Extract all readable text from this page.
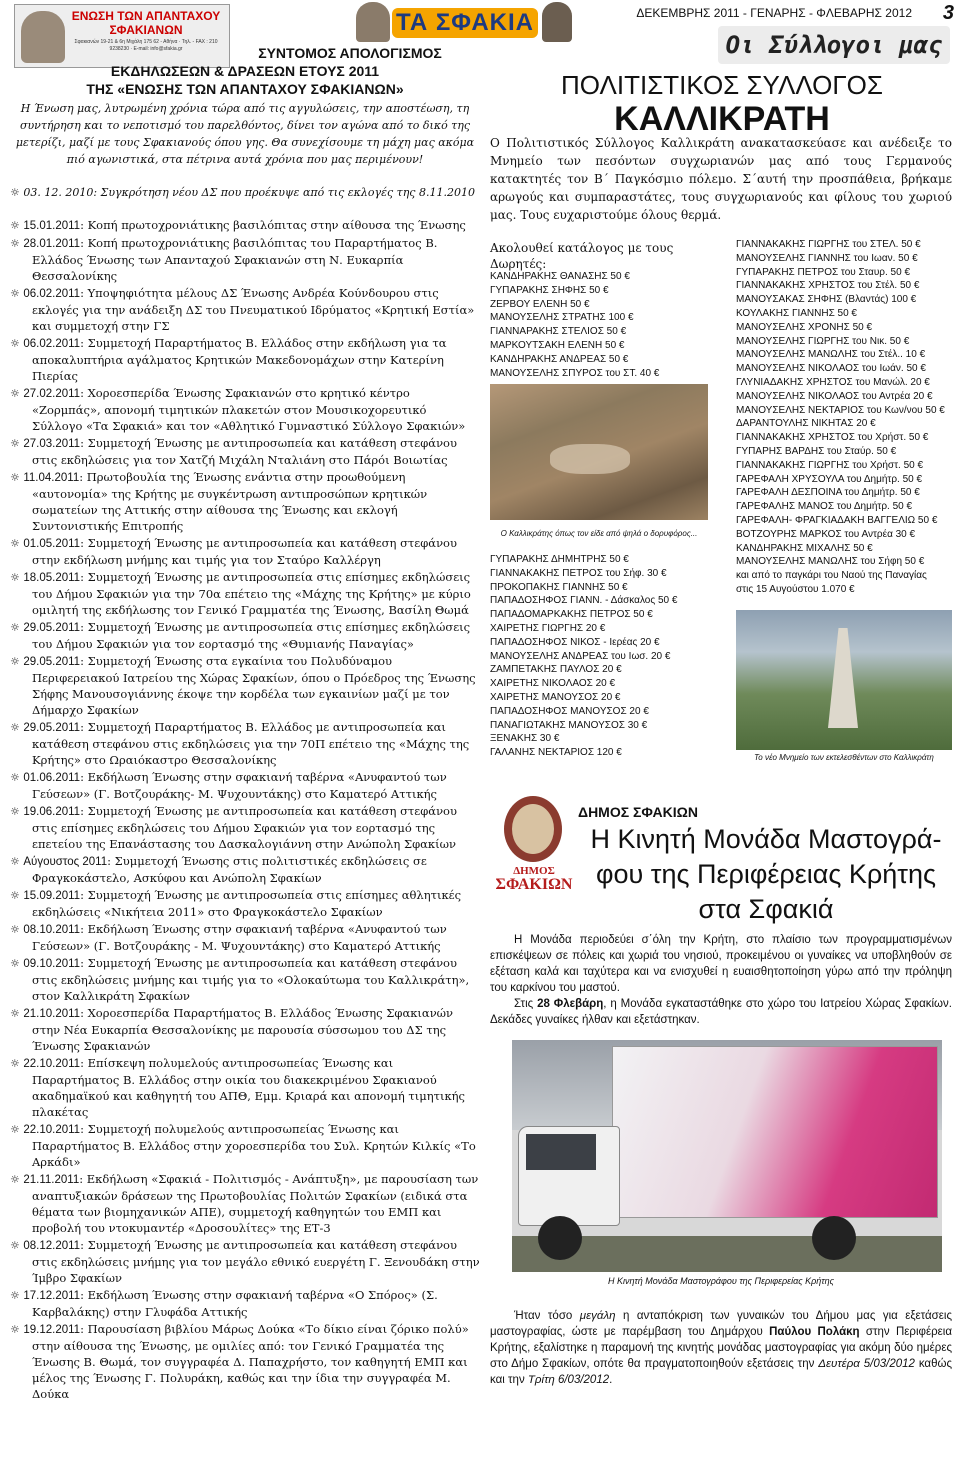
ΕΝΩΣΗ ΤΩΝ ΑΠΑΝΤΑΧΟΥ ΣΦΑΚΙΑΝΩΝ
Σφακιανών 19-21 & 6η Μιχάλη 175 62 - Αθήνα · Τηλ. - FAX : 210 9238230 · E-mail: info@sfakia.gr
ΤΑ ΣΦΑΚΙΑ	ΔΕΚΕΜΒΡΗΣ 2011 - ΓΕΝΑΡΗΣ - ΦΛΕΒΑΡΗΣ 2012 3
Οι Σύλλογοι μας
ΣΥΝΤΟΜΟΣ ΑΠΟΛΟΓΙΣΜΟΣ
ΕΚΔΗΛΩΣΕΩΝ & ΔΡΑΣΕΩΝ ΕΤΟΥΣ 2011
ΤΗΣ «ΕΝΩΣΗΣ ΤΩΝ ΑΠΑΝΤΑΧΟΥ ΣΦΑΚΙΑΝΩΝ»
Η Ένωση μας, λυτρωμένη χρόνια τώρα από τις αγγυλώσεις, την αποστέωση, τη συντήρηση και το νεποτισμό του παρελθόντος, δίνει τον αγώνα από το δικό της μετερίζι, μαζί με τους Σφακιανούς όπου γης. Θα συνεχίσουμε τη μάχη μας ακόμα πιό αγωνιστικά, στα πέτρινα αυτά χρόνια που μας περιμένουν!
☼ 03. 12. 2010: Συγκρότηση νέου ΔΣ που προέκυψε από τις εκλογές της 8.11.2010
☼ 15.01.2011: Κοπή πρωτοχρονιάτικης βασιλόπιτας στην αίθουσα της Ένωσης
☼ 28.01.2011: Κοπή πρωτοχρονιάτικης βασιλόπιτας του Παραρτήματος Β. Ελλάδος Ένωσης των Απανταχού Σφακιανών στη Ν. Ευκαρπία Θεσσαλονίκης
☼ 06.02.2011: Υποψηφιότητα μέλους ΔΣ Ένωσης Ανδρέα Κούνδουρου στις εκλογές για την ανάδειξη ΔΣ του Πνευματικού Ιδρύματος «Κρητική Εστία» και συμμετοχή στην ΓΣ
☼ 06.02.2011: Συμμετοχή Παραρτήματος Β. Ελλάδος στην εκδήλωση για τα αποκαλυπτήρια αγάλματος Κρητικών Μακεδονομάχων στην Κατερίνη Πιερίας
☼ 27.02.2011: Χοροεσπερίδα Ένωσης Σφακιανών στο κρητικό κέντρο «Ζορμπάς», απονομή τιμητικών πλακετών στον Μουσικοχορευτικό Σύλλογο «Τα Σφακιά» και τον «Αθλητικό Γυμναστικό Σύλλογο Σφακιών»
☼ 27.03.2011: Συμμετοχή Ένωσης με αντιπροσωπεία και κατάθεση στεφάνου στις εκδηλώσεις για τον Χατζή Μιχάλη Νταλιάνη στο Πάρόι Βοιωτίας
☼ 11.04.2011: Πρωτοβουλία της Ένωσης ενάντια στην προωθούμενη «αυτονομία» της Κρήτης με συγκέντρωση αντιπροσώπων κρητικών σωματείων της Αττικής στην αίθουσα της Ένωσης και εκλογή Συντονιστικής Επιτροπής
☼ 01.05.2011: Συμμετοχή Ένωσης με αντιπροσωπεία και κατάθεση στεφάνου στην εκδήλωση μνήμης και τιμής για τον Σταύρο Καλλέργη
☼ 18.05.2011: Συμμετοχή Ένωσης με αντιπροσωπεία στις επίσημες εκδηλώσεις του Δήμου Σφακιών για την 70α επέτειο της «Μάχης της Κρήτης» με κύριο ομιλητή της εκδήλωσης τον Γενικό Γραμματέα της Ένωσης, Βασίλη Θωμά
☼ 29.05.2011: Συμμετοχή Ένωσης με αντιπροσωπεία στις επίσημες εκδηλώσεις του Δήμου Σφακιών για τον εορτασμό της «Θυμιανής Παναγίας»
☼ 29.05.2011: Συμμετοχή Ένωσης στα εγκαίνια του Πολυδύναμου Περιφερειακού Ιατρείου της Χώρας Σφακίων, όπου ο Πρόεδρος της Ένωσης Σήφης Μανουσογιάννης έκοψε την κορδέλα των εγκαινίων μαζί με τον Δήμαρχο Σφακίων
☼ 29.05.2011: Συμμετοχή Παραρτήματος Β. Ελλάδος με αντιπροσωπεία και κατάθεση στεφάνου στις εκδηλώσεις για την 70Π επέτειο της «Μάχης της Κρήτης» στο Ωραιόκαστρο Θεσσαλονίκης
☼ 01.06.2011: Εκδήλωση Ένωσης στην σφακιανή ταβέρνα «Ανυφαντού των Γεύσεων» (Γ. Βοτζουράκης- Μ. Ψυχουντάκης) στο Καματερό Αττικής
☼ 19.06.2011: Συμμετοχή Ένωσης με αντιπροσωπεία και κατάθεση στεφάνου στις επίσημες εκδηλώσεις του Δήμου Σφακιών για τον εορτασμό της επετείου της Επανάστασης του Δασκαλογιάννη στην Ανώπολη Σφακίων
☼ Αύγουστος 2011: Συμμετοχή Ένωσης στις πολιτιστικές εκδηλώσεις σε Φραγκοκάστελο, Ασκύφου και Ανώπολη Σφακίων
☼ 15.09.2011: Συμμετοχή Ένωσης με αντιπροσωπεία στις επίσημες αθλητικές εκδηλώσεις «Νικήτεια 2011» στο Φραγκοκάστελο Σφακίων
☼ 08.10.2011: Εκδήλωση Ένωσης στην σφακιανή ταβέρνα «Ανυφαντού των Γεύσεων» (Γ. Βοτζουράκης - Μ. Ψυχουντάκης) στο Καματερό Αττικής
☼ 09.10.2011: Συμμετοχή Ένωσης με αντιπροσωπεία και κατάθεση στεφάνου στις εκδηλώσεις μνήμης και τιμής για το «Ολοκαύτωμα του Καλλικράτη», στον Καλλικράτη Σφακίων
☼ 21.10.2011: Χοροεσπερίδα Παραρτήματος Β. Ελλάδος Ένωσης Σφακιανών στην Νέα Ευκαρπία Θεσσαλονίκης με παρουσία σύσσωμου του ΔΣ της Ένωσης Σφακιανών
☼ 22.10.2011: Επίσκεψη πολυμελούς αντιπροσωπείας Ένωσης και Παραρτήματος Β. Ελλάδος στην οικία του διακεκριμένου Σφακιανού ακαδημαϊκού και καθηγητή του ΑΠΘ, Εμμ. Κριαρά και απονομή τιμητικής πλακέτας
☼ 22.10.2011: Συμμετοχή πολυμελούς αντιπροσωπείας Ένωσης και Παραρτήματος Β. Ελλάδος στην χοροεσπερίδα του Συλ. Κρητών Κιλκίς «Το Αρκάδι»
☼ 21.11.2011: Εκδήλωση «Σφακιά - Πολιτισμός - Ανάπτυξη», με παρουσίαση των αναπτυξιακών δράσεων της Πρωτοβουλίας Πολιτών Σφακίων (ειδικά στα θέματα των βιομηχανικών ΑΠΕ), συμμετοχή καθηγητών του ΕΜΠ και προβολή του ντοκυμαντέρ «Δροσουλίτες» της ΕΤ-3
☼ 08.12.2011: Συμμετοχή Ένωσης με αντιπροσωπεία και κατάθεση στεφάνου στις εκδηλώσεις μνήμης για τον μεγάλο εθνικό ευεργέτη Γ. Ξενουδάκη στην Ίμβρο Σφακίων
☼ 17.12.2011: Εκδήλωση Ένωσης στην σφακιανή ταβέρνα «Ο Σπόρος» (Σ. Καρβαλάκης) στην Γλυφάδα Αττικής
☼ 19.12.2011: Παρουσίαση βιβλίου Μάρως Δούκα «Το δίκιο είναι ζόρικο πολύ» στην αίθουσα της Ένωσης, με ομιλίες από: τον Γενικό Γραμματέα της Ένωσης Β. Θωμά, τον συγγραφέα Δ. Παπαχρήστο, τον καθηγητή ΕΜΠ και μέλος της Ένωσης Γ. Πολυράκη, καθώς και την ίδια την συγγραφέα Μ. Δούκα
ΠΟΛΙΤΙΣΤΙΚΟΣ ΣΥΛΛΟΓΟΣ
ΚΑΛΛΙΚΡΑΤΗ
Ο Πολιτιστικός Σύλλογος Καλλικράτη ανακατασκεύασε και ανέδειξε το Μνημείο των πεσόντων συγχωριανών μας από τους Γερμανούς κατακτητές τον Β΄ Παγκόσμιο πόλεμο. Σ΄αυτή την προσπάθεια, βρήκαμε αρωγούς και συμπαραστάτες, τους συγχωριανούς και φίλους του χωριού μας. Τους ευχαριστούμε όλους θερμά.
Ακολουθεί κατάλογος με τους Δωρητές:
ΚΑΝΔΗΡΑΚΗΣ ΘΑΝΑΣΗΣ 50 €
ΓΥΠΑΡΑΚΗΣ ΣΗΦΗΣ 50 €
ΖΕΡΒΟΥ ΕΛΕΝΗ 50 €
ΜΑΝΟΥΣΕΛΗΣ ΣΤΡΑΤΗΣ 100 €
ΓΙΑΝΝΑΡΑΚΗΣ ΣΤΕΛΙΟΣ 50 €
ΜΑΡΚΟΥΤΣΑΚΗ ΕΛΕΝΗ 50 €
ΚΑΝΔΗΡΑΚΗΣ ΑΝΔΡΕΑΣ 50 €
ΜΑΝΟΥΣΕΛΗΣ ΣΠΥΡΟΣ του ΣΤ. 40 €
Ο Καλλικράτης όπως τον είδε από ψηλά ο δορυφόρος...
ΓΥΠΑΡΑΚΗΣ ΔΗΜΗΤΡΗΣ 50 €
ΓΙΑΝΝΑΚΑΚΗΣ ΠΕΤΡΟΣ του Σήφ. 30 €
ΠΡΟΚΟΠΑΚΗΣ ΓΙΑΝΝΗΣ 50 €
ΠΑΠΑΔΟΣΗΦΟΣ ΓΙΑΝΝ. - Δάσκαλος 50 €
ΠΑΠΑΔΟΜΑΡΚΑΚΗΣ ΠΕΤΡΟΣ 50 €
ΧΑΙΡΕΤΗΣ ΓΙΩΡΓΗΣ 20 €
ΠΑΠΑΔΟΣΗΦΟΣ ΝΙΚΟΣ - Ιερέας 20 €
ΜΑΝΟΥΣΕΛΗΣ ΑΝΔΡΕΑΣ του Ιωσ. 20 €
ΖΑΜΠΕΤΑΚΗΣ ΠΑΥΛΟΣ 20 €
ΧΑΙΡΕΤΗΣ ΝΙΚΟΛΑΟΣ 20 €
ΧΑΙΡΕΤΗΣ ΜΑΝΟΥΣΟΣ 20 €
ΠΑΠΑΔΟΣΗΦΟΣ ΜΑΝΟΥΣΟΣ 20 €
ΠΑΝΑΓΙΩΤΑΚΗΣ ΜΑΝΟΥΣΟΣ 30 €
ΞΕΝΑΚΗΣ 30 €
ΓΑΛΑΝΗΣ ΝΕΚΤΑΡΙΟΣ 120 €
ΓΙΑΝΝΑΚΑΚΗΣ ΓΙΩΡΓΗΣ του ΣΤΕΛ. 50 €
ΜΑΝΟΥΣΕΛΗΣ ΓΙΑΝΝΗΣ του Ιωαν. 50 €
ΓΥΠΑΡΑΚΗΣ ΠΕΤΡΟΣ του Σταυρ. 50 €
ΓΙΑΝΝΑΚΑΚΗΣ ΧΡΗΣΤΟΣ του Στέλ. 50 €
ΜΑΝΟΥΣΑΚΑΣ ΣΗΦΗΣ (Βλαντάς) 100 €
ΚΟΥΛΑΚΗΣ ΓΙΑΝΝΗΣ 50 €
ΜΑΝΟΥΣΕΛΗΣ ΧΡΟΝΗΣ 50 €
ΜΑΝΟΥΣΕΛΗΣ ΓΙΩΡΓΗΣ του Νικ. 50 €
ΜΑΝΟΥΣΕΛΗΣ ΜΑΝΩΛΗΣ του Στέλ.. 10 €
ΜΑΝΟΥΣΕΛΗΣ ΝΙΚΟΛΑΟΣ του Ιωάν. 50 €
ΓΛΥΝΙΑΔΑΚΗΣ ΧΡΗΣΤΟΣ του Μανώλ. 20 €
ΜΑΝΟΥΣΕΛΗΣ ΝΙΚΟΛΑΟΣ του Αντρέα 20 €
ΜΑΝΟΥΣΕΛΗΣ ΝΕΚΤΑΡΙΟΣ του Κων/νου 50 €
ΔΑΡΑΝΤΟΥΛΗΣ ΝΙΚΗΤΑΣ 20 €
ΓΙΑΝΝΑΚΑΚΗΣ ΧΡΗΣΤΟΣ του Χρήστ. 50 €
ΓΥΠΑΡΗΣ ΒΑΡΔΗΣ του Σταύρ. 50 €
ΓΙΑΝΝΑΚΑΚΗΣ ΓΙΩΡΓΗΣ του Χρήστ. 50 €
ΓΑΡΕΦΑΛΗ ΧΡΥΣΟΥΛΑ του Δημήτρ. 50 €
ΓΑΡΕΦΑΛΗ ΔΕΣΠΟΙΝΑ του Δημήτρ. 50 €
ΓΑΡΕΦΑΛΗΣ ΜΑΝΟΣ του Δημήτρ. 50 €
ΓΑΡΕΦΑΛΗ- ΦΡΑΓΚΙΑΔΑΚΗ ΒΑΓΓΕΛΙΩ 50 €
ΒΟΤΖΟΥΡΗΣ ΜΑΡΚΟΣ του Αντρέα 30 €
ΚΑΝΔΗΡΑΚΗΣ ΜΙΧΑΛΗΣ 50 €
ΜΑΝΟΥΣΕΛΗΣ ΜΑΝΩΛΗΣ του Σήφη 50 €
και από το παγκάρι του Ναού της Παναγίας
στις 15 Αυγούστου 1.070 €
Το νέο Μνημείο των εκτελεσθέντων στο Καλλικράτη
ΔΗΜΟΣ
ΣΦΑΚΙΩΝ
ΔΗΜΟΣ ΣΦΑΚΙΩΝ
Η Κινητή Μονάδα Μαστογρά-
φου της Περιφέρειας Κρήτης
στα Σφακιά
Η Μονάδα περιοδεύει σ΄όλη την Κρήτη, στο πλαίσιο των προγραμματισμένων επισκέψεων σε πόλεις και χωριά του νησιού, προκειμένου οι γυναίκες να υποβληθούν σε εξέταση καλά και ταχύτερα και να ενισχυθεί η ευαισθητοποίηση γύρω από την πρόληψη του καρκίνου του μαστού.
Στις 28 Φλεβάρη, η Μονάδα εγκαταστάθηκε στο χώρο του Ιατρείου Χώρας Σφακίων. Δεκάδες γυναίκες ήλθαν και εξετάστηκαν.
Η Κινητή Μονάδα Μαστογράφου της Περιφερείας Κρήτης
Ήταν τόσο μεγάλη η ανταπόκριση των γυναικών του Δήμου μας για εξετάσεις μαστογραφίας, ώστε με παρέμβαση του Δημάρχου Παύλου Πολάκη στην Περιφέρεια Κρήτης, εξαλίστηκε η παραμονή της κινητής μονάδας μαστογραφίας για ακόμη δύο ημέρες στο Δήμο Σφακίων, οπότε θα πραγματοποιηθούν εξετάσεις την Δευτέρα 5/03/2012 καθώς και την Τρίτη 6/03/2012.
